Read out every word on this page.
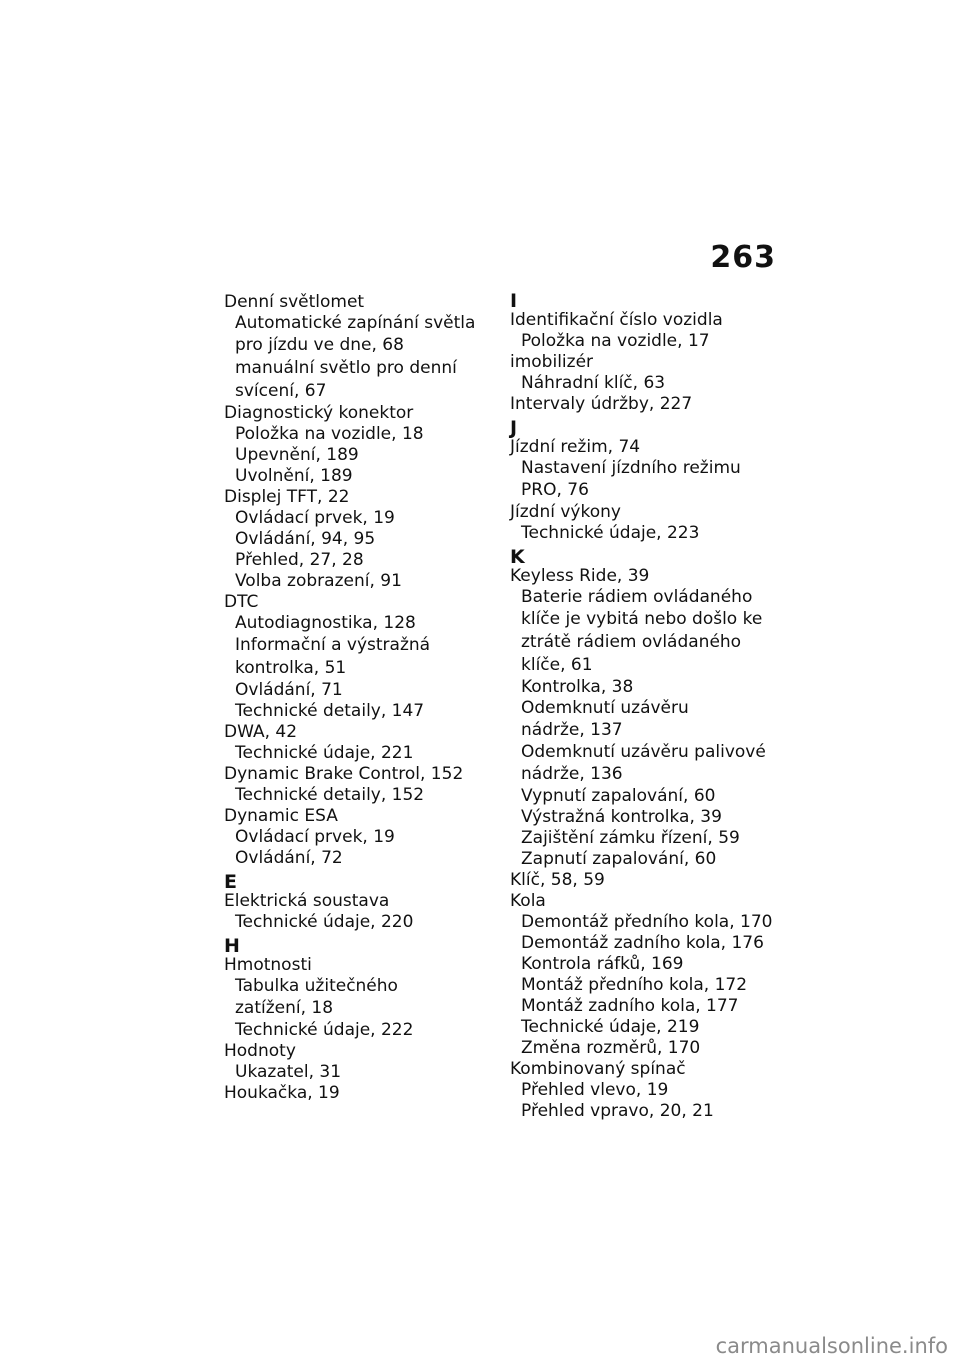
263
Denní světlomet
Automatické zapínání světla
pro jízdu ve dne, 68
manuální světlo pro denní
svícení, 67
Diagnostický konektor
Položka na vozidle, 18
Upevnění, 189
Uvolnění, 189
Displej TFT, 22
Ovládací prvek, 19
Ovládání, 94, 95
Přehled, 27, 28
Volba zobrazení, 91
DTC
Autodiagnostika, 128
Informační a výstražná
kontrolka, 51
Ovládání, 71
Technické detaily, 147
DWA, 42
Technické údaje, 221
Dynamic Brake Control, 152
Technické detaily, 152
Dynamic ESA
Ovládací prvek, 19
Ovládání, 72
E
Elektrická soustava
Technické údaje, 220
H
Hmotnosti
Tabulka užitečného
zatížení, 18
Technické údaje, 222
Hodnoty
Ukazatel, 31
Houkačka, 19
I
Identifikační číslo vozidla
Položka na vozidle, 17
imobilizér
Náhradní klíč, 63
Intervaly údržby, 227
J
Jízdní režim, 74
Nastavení jízdního režimu
PRO, 76
Jízdní výkony
Technické údaje, 223
K
Keyless Ride, 39
Baterie rádiem ovládaného
klíče je vybitá nebo došlo ke
ztrátě rádiem ovládaného
klíče, 61
Kontrolka, 38
Odemknutí uzávěru
nádrže, 137
Odemknutí uzávěru palivové
nádrže, 136
Vypnutí zapalování, 60
Výstražná kontrolka, 39
Zajištění zámku řízení, 59
Zapnutí zapalování, 60
Klíč, 58, 59
Kola
Demontáž předního kola, 170
Demontáž zadního kola, 176
Kontrola ráfků, 169
Montáž předního kola, 172
Montáž zadního kola, 177
Technické údaje, 219
Změna rozměrů, 170
Kombinovaný spínač
Přehled vlevo, 19
Přehled vpravo, 20, 21
carmanualsonline.info
